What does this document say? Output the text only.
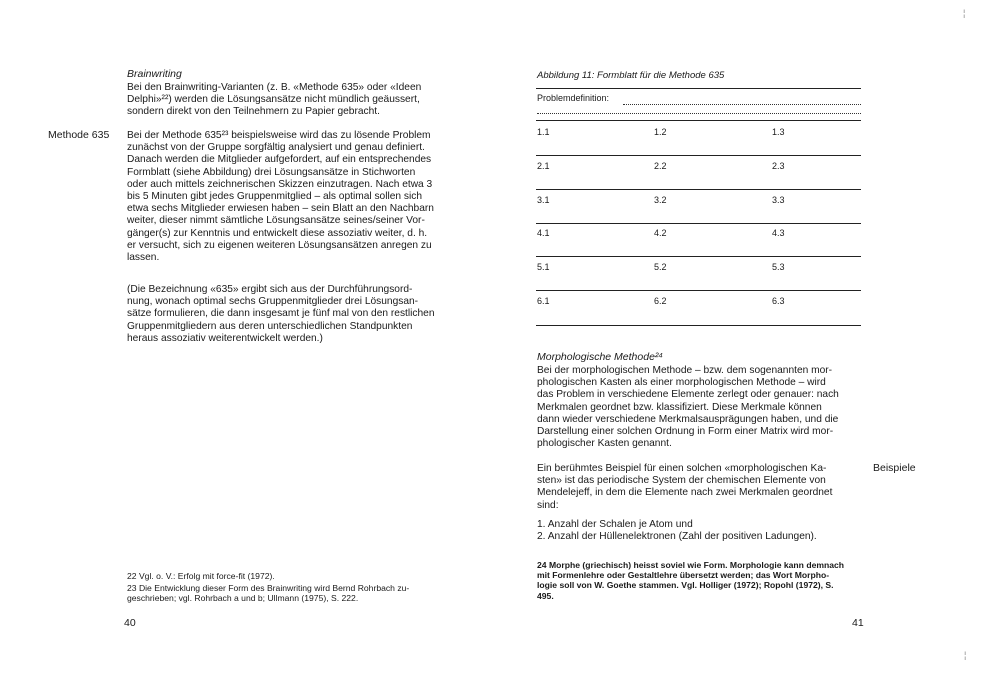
Brainwriting

Bei den Brainwriting-Varianten (z. B. «Methode 635» oder «Ideen
Delphi»²²) werden die Lösungsansätze nicht mündlich geäussert,
sondern direkt von den Teilnehmern zu Papier gebracht.

Methode 635 Bei der Methode 635²³ beispielsweise wird das zu lösende Problem
zunächst von der Gruppe sorgfältig analysiert und genau definiert.
Danach werden die Mitglieder aufgefordert, auf ein entsprechendes
Formblatt (siehe Abbildung) drei Lösungsansätze in Stichworten
oder auch mittels zeichnerischen Skizzen einzutragen. Nach etwa 3
bis 5 Minuten gibt jedes Gruppenmitglied – als optimal sollen sich
etwa sechs Mitglieder erwiesen haben – sein Blatt an den Nachbarn
weiter, dieser nimmt sämtliche Lösungsansätze seines/seiner Vor-
gänger(s) zur Kenntnis und entwickelt diese assoziativ weiter, d. h.
er versucht, sich zu eigenen weiteren Lösungsansätzen anregen zu
lassen.

(Die Bezeichnung «635» ergibt sich aus der Durchführungsord-
nung, wonach optimal sechs Gruppenmitglieder drei Lösungsan-
sätze formulieren, die dann insgesamt je fünf mal von den restlichen
Gruppenmitgliedern aus deren unterschiedlichen Standpunkten
heraus assoziativ weiterentwickelt werden.)

22 Vgl. o. V.: Erfolg mit force-fit (1972).
23 Die Entwicklung dieser Form des Brainwriting wird Bernd Rohrbach zu-
geschrieben; vgl. Rohrbach a und b; Ullmann (1975), S. 222.
40
Abbildung 11: Formblatt für die Methode 635
Problemdefinition:
1.1	1.2	1.3
2.1	2.2	2.3
3.1	3.2	3.3
4.1	4.2	4.3
5.1	5.2	5.3
6.1	6.2	6.3
Morphologische Methode²⁴

Bei der morphologischen Methode – bzw. dem sogenannten mor-
phologischen Kasten als einer morphologischen Methode – wird
das Problem in verschiedene Elemente zerlegt oder genauer: nach
Merkmalen geordnet bzw. klassifiziert. Diese Merkmale können
dann wieder verschiedene Merkmalsausprägungen haben, und die
Darstellung einer solchen Ordnung in Form einer Matrix wird mor-
phologischer Kasten genannt.

Ein berühmtes Beispiel für einen solchen «morphologischen Ka-
sten» ist das periodische System der chemischen Elemente von
Mendelejeff, in dem die Elemente nach zwei Merkmalen geordnet
sind:

Beispiele
1. Anzahl der Schalen je Atom und
2. Anzahl der Hüllenelektronen (Zahl der positiven Ladungen).
24 Morphe (griechisch) heisst soviel wie Form. Morphologie kann demnach
mit Formenlehre oder Gestaltlehre übersetzt werden; das Wort Morpho-
logie soll von W. Goethe stammen. Vgl. Holliger (1972); Ropohl (1972), S.
495.
41
¦
¦
